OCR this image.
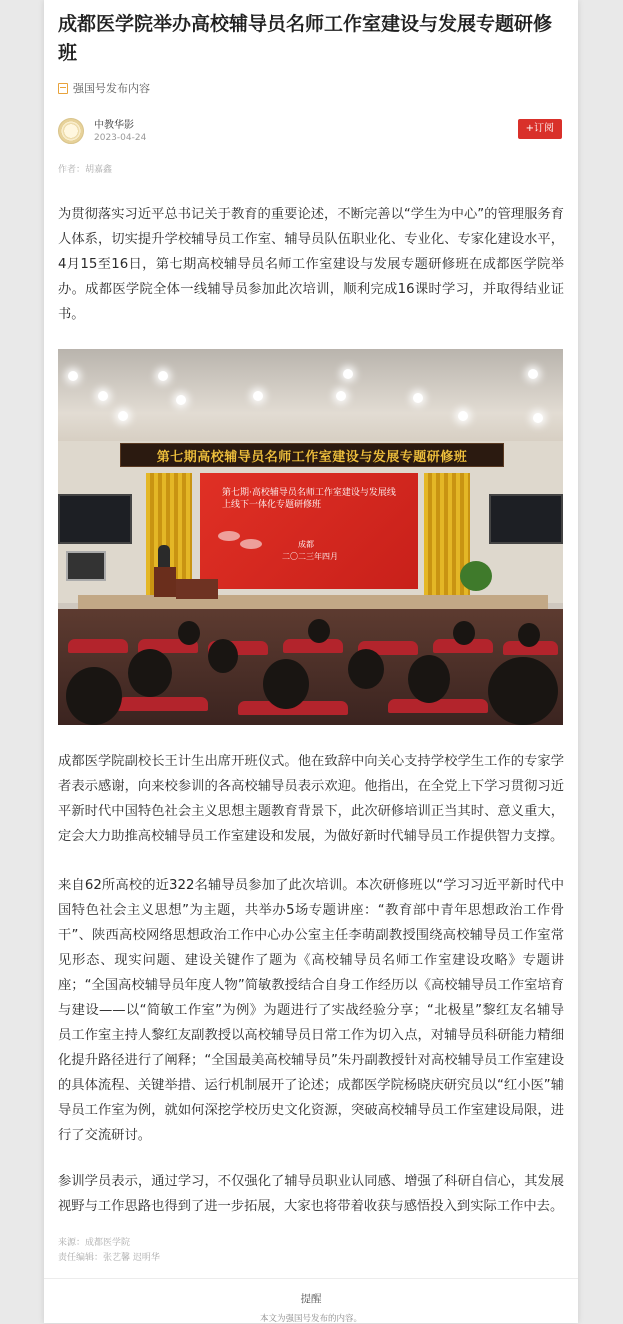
成都医学院举办高校辅导员名师工作室建设与发展专题研修班
强国号发布内容
中教华影
2023-04-24
+订阅
作者：胡嘉鑫

为贯彻落实习近平总书记关于教育的重要论述，不断完善以“学生为中心”的管理服务育人体系，切实提升学校辅导员工作室、辅导员队伍职业化、专业化、专家化建设水平，4月15至16日，第七期高校辅导员名师工作室建设与发展专题研修班在成都医学院举办。成都医学院全体一线辅导员参加此次培训，顺利完成16课时学习，并取得结业证书。

第七期高校辅导员名师工作室建设与发展专题研修班
第七期·高校辅导员名师工作室建设与发展线上线下一体化专题研修班
成都
二〇二三年四月

成都医学院副校长王计生出席开班仪式。他在致辞中向关心支持学校学生工作的专家学者表示感谢，向来校参训的各高校辅导员表示欢迎。他指出，在全党上下学习贯彻习近平新时代中国特色社会主义思想主题教育背景下，此次研修培训正当其时、意义重大，定会大力助推高校辅导员工作室建设和发展，为做好新时代辅导员工作提供智力支撑。

来自62所高校的近322名辅导员参加了此次培训。本次研修班以“学习习近平新时代中国特色社会主义思想”为主题，共举办5场专题讲座：“教育部中青年思想政治工作骨干”、陕西高校网络思想政治工作中心办公室主任李萌副教授围绕高校辅导员工作室常见形态、现实问题、建设关键作了题为《高校辅导员名师工作室建设攻略》专题讲座；“全国高校辅导员年度人物”简敏教授结合自身工作经历以《高校辅导员工作室培育与建设——以“简敏工作室”为例》为题进行了实战经验分享；“北极星”黎红友名辅导员工作室主持人黎红友副教授以高校辅导员日常工作为切入点，对辅导员科研能力精细化提升路径进行了阐释；“全国最美高校辅导员”朱丹副教授针对高校辅导员工作室建设的具体流程、关键举措、运行机制展开了论述；成都医学院杨晓庆研究员以“红小医”辅导员工作室为例，就如何深挖学校历史文化资源，突破高校辅导员工作室建设局限，进行了交流研讨。

参训学员表示，通过学习，不仅强化了辅导员职业认同感、增强了科研自信心，其发展视野与工作思路也得到了进一步拓展，大家也将带着收获与感悟投入到实际工作中去。

来源：成都医学院
责任编辑：张艺馨 迟明华
提醒
本文为强国号发布的内容。
